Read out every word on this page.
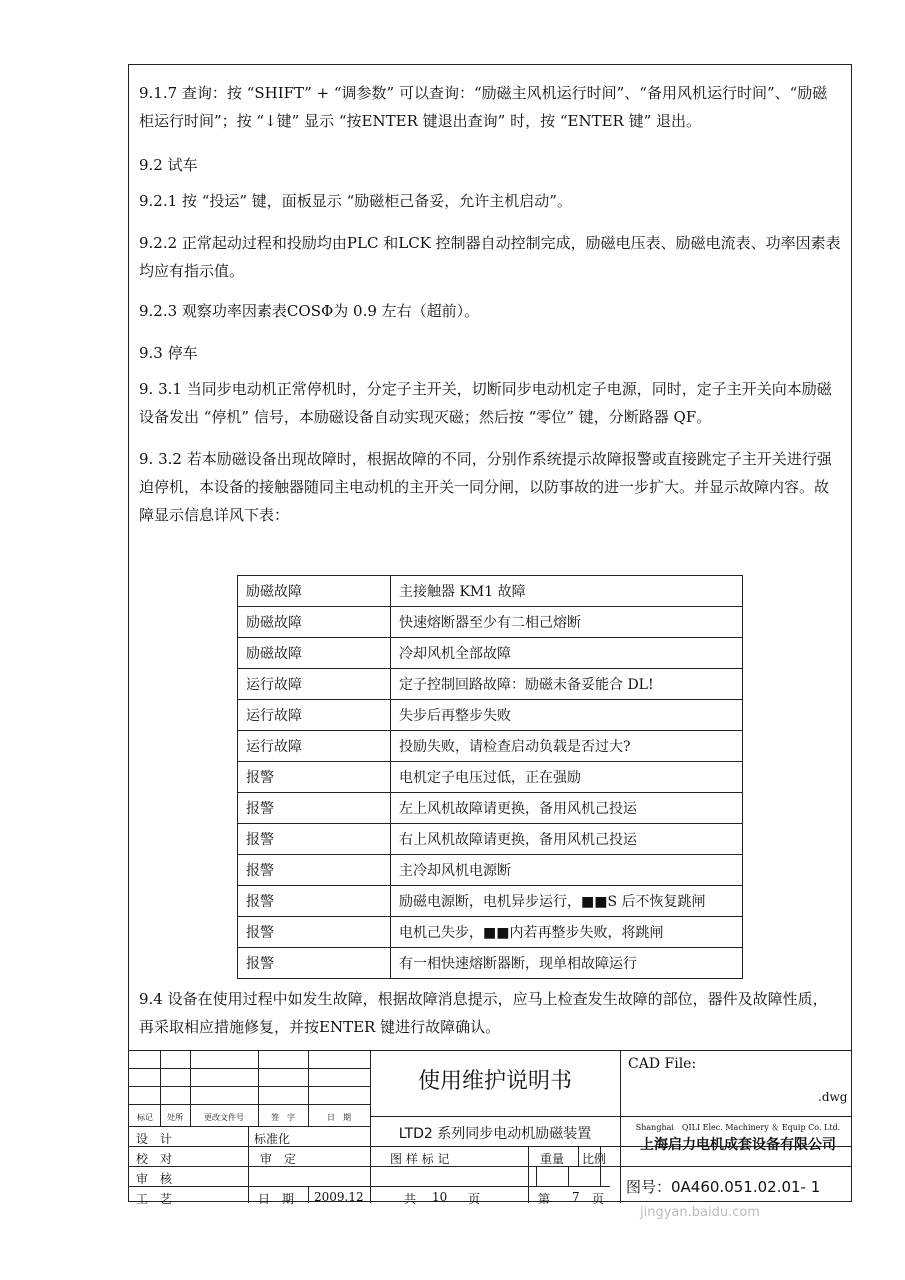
9.1.7 查询：按 “SHIFT” + “调参数” 可以查询：“励磁主风机运行时间”、“备用风机运行时间”、“励磁柜运行时间”；按 “↓键” 显示 “按ENTER 键退出查询” 时，按 “ENTER 键” 退出。

9.2 试车

9.2.1 按 “投运” 键，面板显示 “励磁柜己备妥，允许主机启动”。

9.2.2 正常起动过程和投励均由PLC 和LCK 控制器自动控制完成，励磁电压表、励磁电流表、功率因素表均应有指示值。

9.2.3 观察功率因素表COSΦ为 0.9 左右（超前）。

9.3 停车

9. 3.1 当同步电动机正常停机时，分定子主开关，切断同步电动机定子电源，同时，定子主开关向本励磁设备发出 “停机” 信号，本励磁设备自动实现灭磁；然后按 “零位” 键，分断路器 QF。

9. 3.2 若本励磁设备出现故障时，根据故障的不同，分别作系统提示故障报警或直接跳定子主开关进行强迫停机，本设备的接触器随同主电动机的主开关一同分闸，以防事故的进一步扩大。并显示故障内容。故障显示信息详风下表：

励磁故障	主接触器 KM1 故障
励磁故障	快速熔断器至少有二相己熔断
励磁故障	冷却风机全部故障
运行故障	定子控制回路故障：励磁未备妥能合 DL!
运行故障	失步后再整步失败
运行故障	投励失败，请检查启动负载是否过大?
报警	电机定子电压过低，正在强励
报警	左上风机故障请更换，备用风机己投运
报警	右上风机故障请更换，备用风机己投运
报警	主冷却风机电源断
报警	励磁电源断，电机异步运行，■■S 后不恢复跳闸
报警	电机己失步，■■内若再整步失败，将跳闸
报警	有一相快速熔断器断，现单相故障运行

9.4 设备在使用过程中如发生故障，根据故障消息提示，应马上检查发生故障的部位，器件及故障性质，再采取相应措施修复，并按ENTER 键进行故障确认。

标记	处所	更改文件号	签　字	日　期
设　计	标准化
校　对	审　定
审　核
工　艺	日　期 2009.12
使用维护说明书
LTD2 系列同步电动机励磁装置
图 样 标 记	重量 比例
共 10 页	第 7 页
CAD File:
.dwg
Shanghai　QILI Elec. Machinery ＆ Equip Co. Ltd.
上海启力电机成套设备有限公司
图号：0A460.051.02.01- 1
jingyan.baidu.com
